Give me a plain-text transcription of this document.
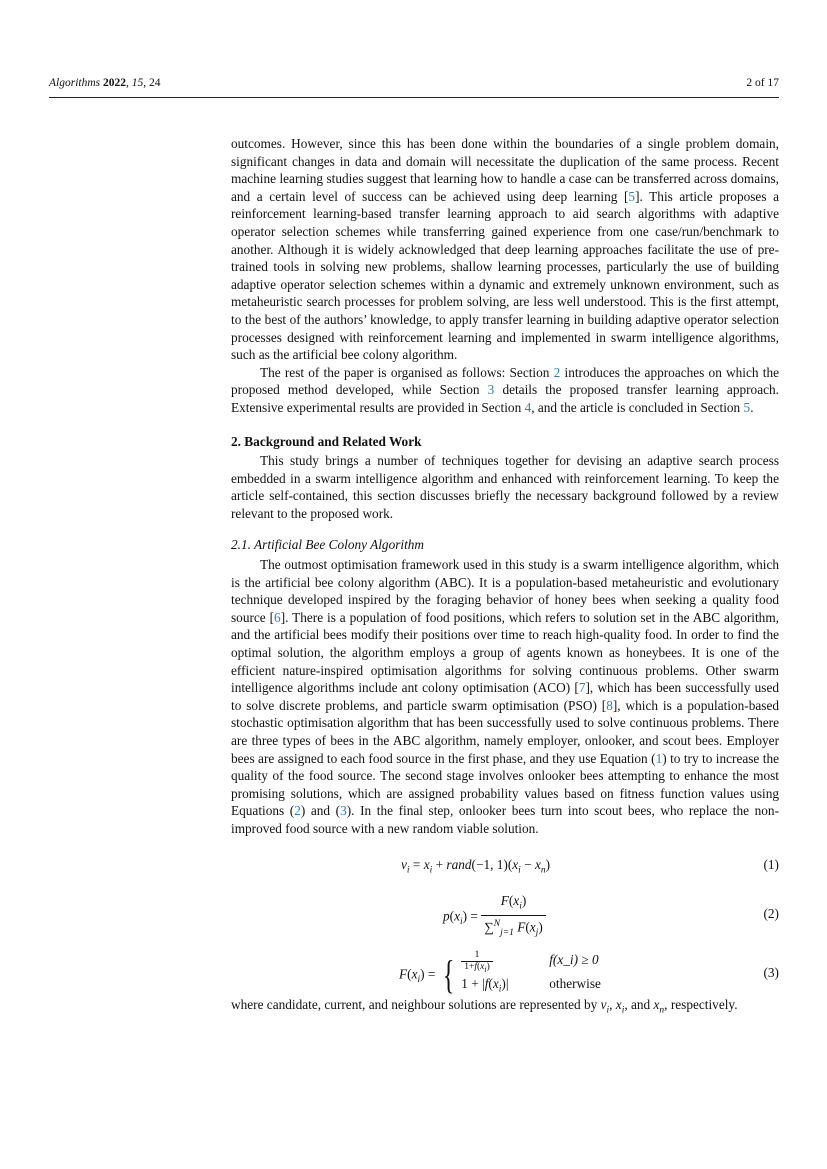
Algorithms 2022, 15, 24	2 of 17

outcomes. However, since this has been done within the boundaries of a single problem domain, significant changes in data and domain will necessitate the duplication of the same process. Recent machine learning studies suggest that learning how to handle a case can be transferred across domains, and a certain level of success can be achieved using deep learning [5]. This article proposes a reinforcement learning-based transfer learning approach to aid search algorithms with adaptive operator selection schemes while transferring gained experience from one case/run/benchmark to another. Although it is widely acknowledged that deep learning approaches facilitate the use of pre-trained tools in solving new problems, shallow learning processes, particularly the use of building adaptive operator selection schemes within a dynamic and extremely unknown environment, such as metaheuristic search processes for problem solving, are less well understood. This is the first attempt, to the best of the authors’ knowledge, to apply transfer learning in building adaptive operator selection processes designed with reinforcement learning and implemented in swarm intelligence algorithms, such as the artificial bee colony algorithm.

The rest of the paper is organised as follows: Section 2 introduces the approaches on which the proposed method developed, while Section 3 details the proposed transfer learning approach. Extensive experimental results are provided in Section 4, and the article is concluded in Section 5.

2. Background and Related Work

This study brings a number of techniques together for devising an adaptive search process embedded in a swarm intelligence algorithm and enhanced with reinforcement learning. To keep the article self-contained, this section discusses briefly the necessary background followed by a review relevant to the proposed work.

2.1. Artificial Bee Colony Algorithm

The outmost optimisation framework used in this study is a swarm intelligence algorithm, which is the artificial bee colony algorithm (ABC). It is a population-based metaheuristic and evolutionary technique developed inspired by the foraging behavior of honey bees when seeking a quality food source [6]. There is a population of food positions, which refers to solution set in the ABC algorithm, and the artificial bees modify their positions over time to reach high-quality food. In order to find the optimal solution, the algorithm employs a group of agents known as honeybees. It is one of the efficient nature-inspired optimisation algorithms for solving continuous problems. Other swarm intelligence algorithms include ant colony optimisation (ACO) [7], which has been successfully used to solve discrete problems, and particle swarm optimisation (PSO) [8], which is a population-based stochastic optimisation algorithm that has been successfully used to solve continuous problems. There are three types of bees in the ABC algorithm, namely employer, onlooker, and scout bees. Employer bees are assigned to each food source in the first phase, and they use Equation (1) to try to increase the quality of the food source. The second stage involves onlooker bees attempting to enhance the most promising solutions, which are assigned probability values based on fitness function values using Equations (2) and (3). In the final step, onlooker bees turn into scout bees, who replace the non-improved food source with a new random viable solution.

$v_i = x_i$ + rand(−1, $1)(x_i - x_n)$	(1)
$p(x_i) = \frac{F(x_i)}{\sum^N_{j=1} F(x_j)}$	(2)
$F(x_i)$ = { $\frac{1}{1+f(x_i)}$	f(x_i) ≥ 0
$1 + |f(x_i)|$	otherwise
(3)

where candidate, current, and neighbour solutions are represented by $v_i$, $x_i$, and $x_n$, respectively.
